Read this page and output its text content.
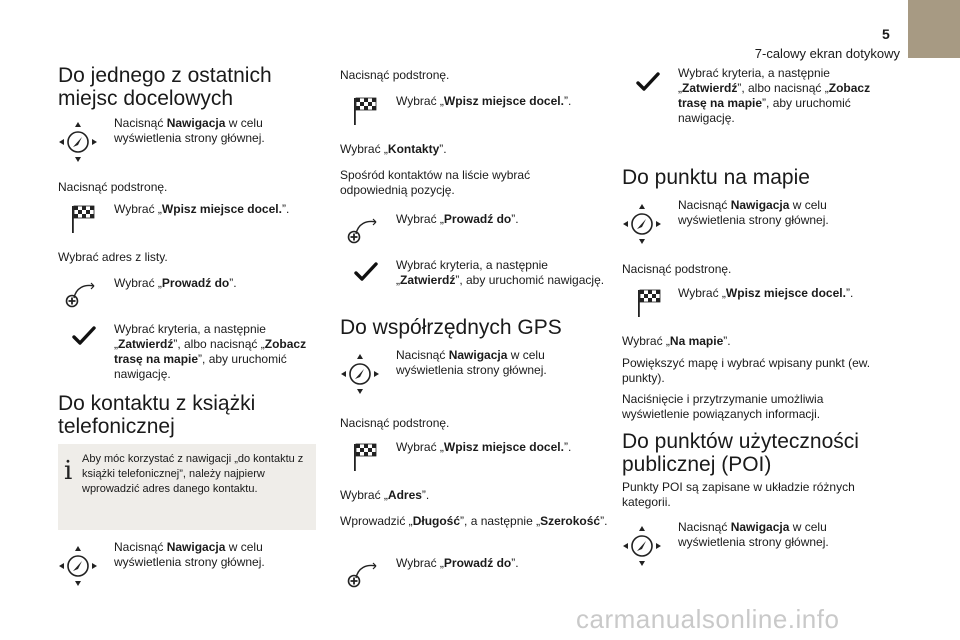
5
7-calowy ekran dotykowy
Do jednego z ostatnich miejsc docelowych
Nacisnąć Nawigacja w celu wyświetlenia strony głównej.

Nacisnąć podstronę.

Wybrać „Wpisz miejsce docel.”.

Wybrać adres z listy.

Wybrać „Prowadź do”.
Wybrać kryteria, a następnie „Zatwierdź”, albo nacisnąć „Zobacz trasę na mapie”, aby uruchomić nawigację.
Do kontaktu z książki telefonicznej
i Aby móc korzystać z nawigacji „do kontaktu z książki telefonicznej”, należy najpierw wprowadzić adres danego kontaktu.
Nacisnąć Nawigacja w celu wyświetlenia strony głównej.

Nacisnąć podstronę.

Wybrać „Wpisz miejsce docel.”.

Wybrać „Kontakty”.

Spośród kontaktów na liście wybrać odpowiednią pozycję.

Wybrać „Prowadź do”.
Wybrać kryteria, a następnie „Zatwierdź”, aby uruchomić nawigację.
Do współrzędnych GPS
Nacisnąć Nawigacja w celu wyświetlenia strony głównej.

Nacisnąć podstronę.

Wybrać „Wpisz miejsce docel.”.

Wybrać „Adres”.

Wprowadzić „Długość”, a następnie „Szerokość”.

Wybrać „Prowadź do”.
Wybrać kryteria, a następnie „Zatwierdź”, albo nacisnąć „Zobacz trasę na mapie”, aby uruchomić nawigację.
Do punktu na mapie
Nacisnąć Nawigacja w celu wyświetlenia strony głównej.

Nacisnąć podstronę.

Wybrać „Wpisz miejsce docel.”.

Wybrać „Na mapie”.

Powiększyć mapę i wybrać wpisany punkt (ew. punkty).

Naciśnięcie i przytrzymanie umożliwia wyświetlenie powiązanych informacji.

Do punktów użyteczności publicznej (POI)

Punkty POI są zapisane w układzie różnych kategorii.

Nacisnąć Nawigacja w celu wyświetlenia strony głównej.
carmanualsonline.info
